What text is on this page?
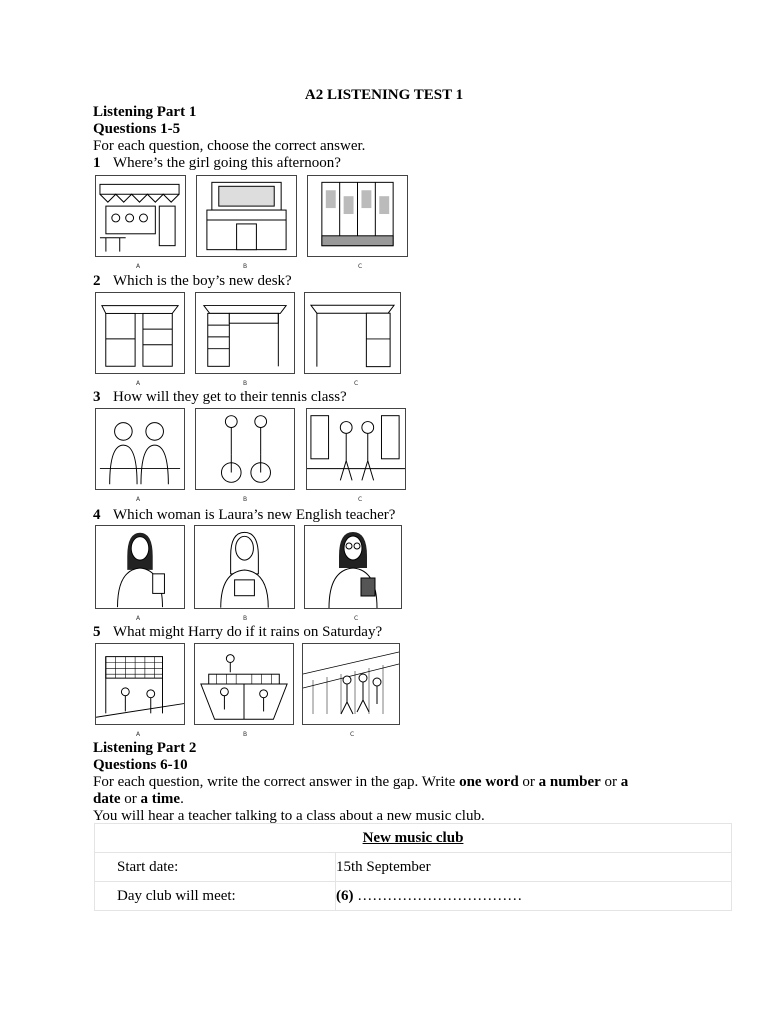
A2 LISTENING TEST 1
Listening Part 1
Questions 1-5
For each question, choose the correct answer.
1 Where’s the girl going this afternoon?
A	B	C
2 Which is the boy’s new desk?
A	B	C
3 How will they get to their tennis class?
A	B	C
4 Which woman is Laura’s new English teacher?
A	B	C
5 What might Harry do if it rains on Saturday?
A	B	C
Listening Part 2
Questions 6-10
For each question, write the correct answer in the gap. Write one word or a number or a
date or a time.
You will hear a teacher talking to a class about a new music club.
New music club	
Start date:	15th September
Day club will meet:	(6) ……………………………
